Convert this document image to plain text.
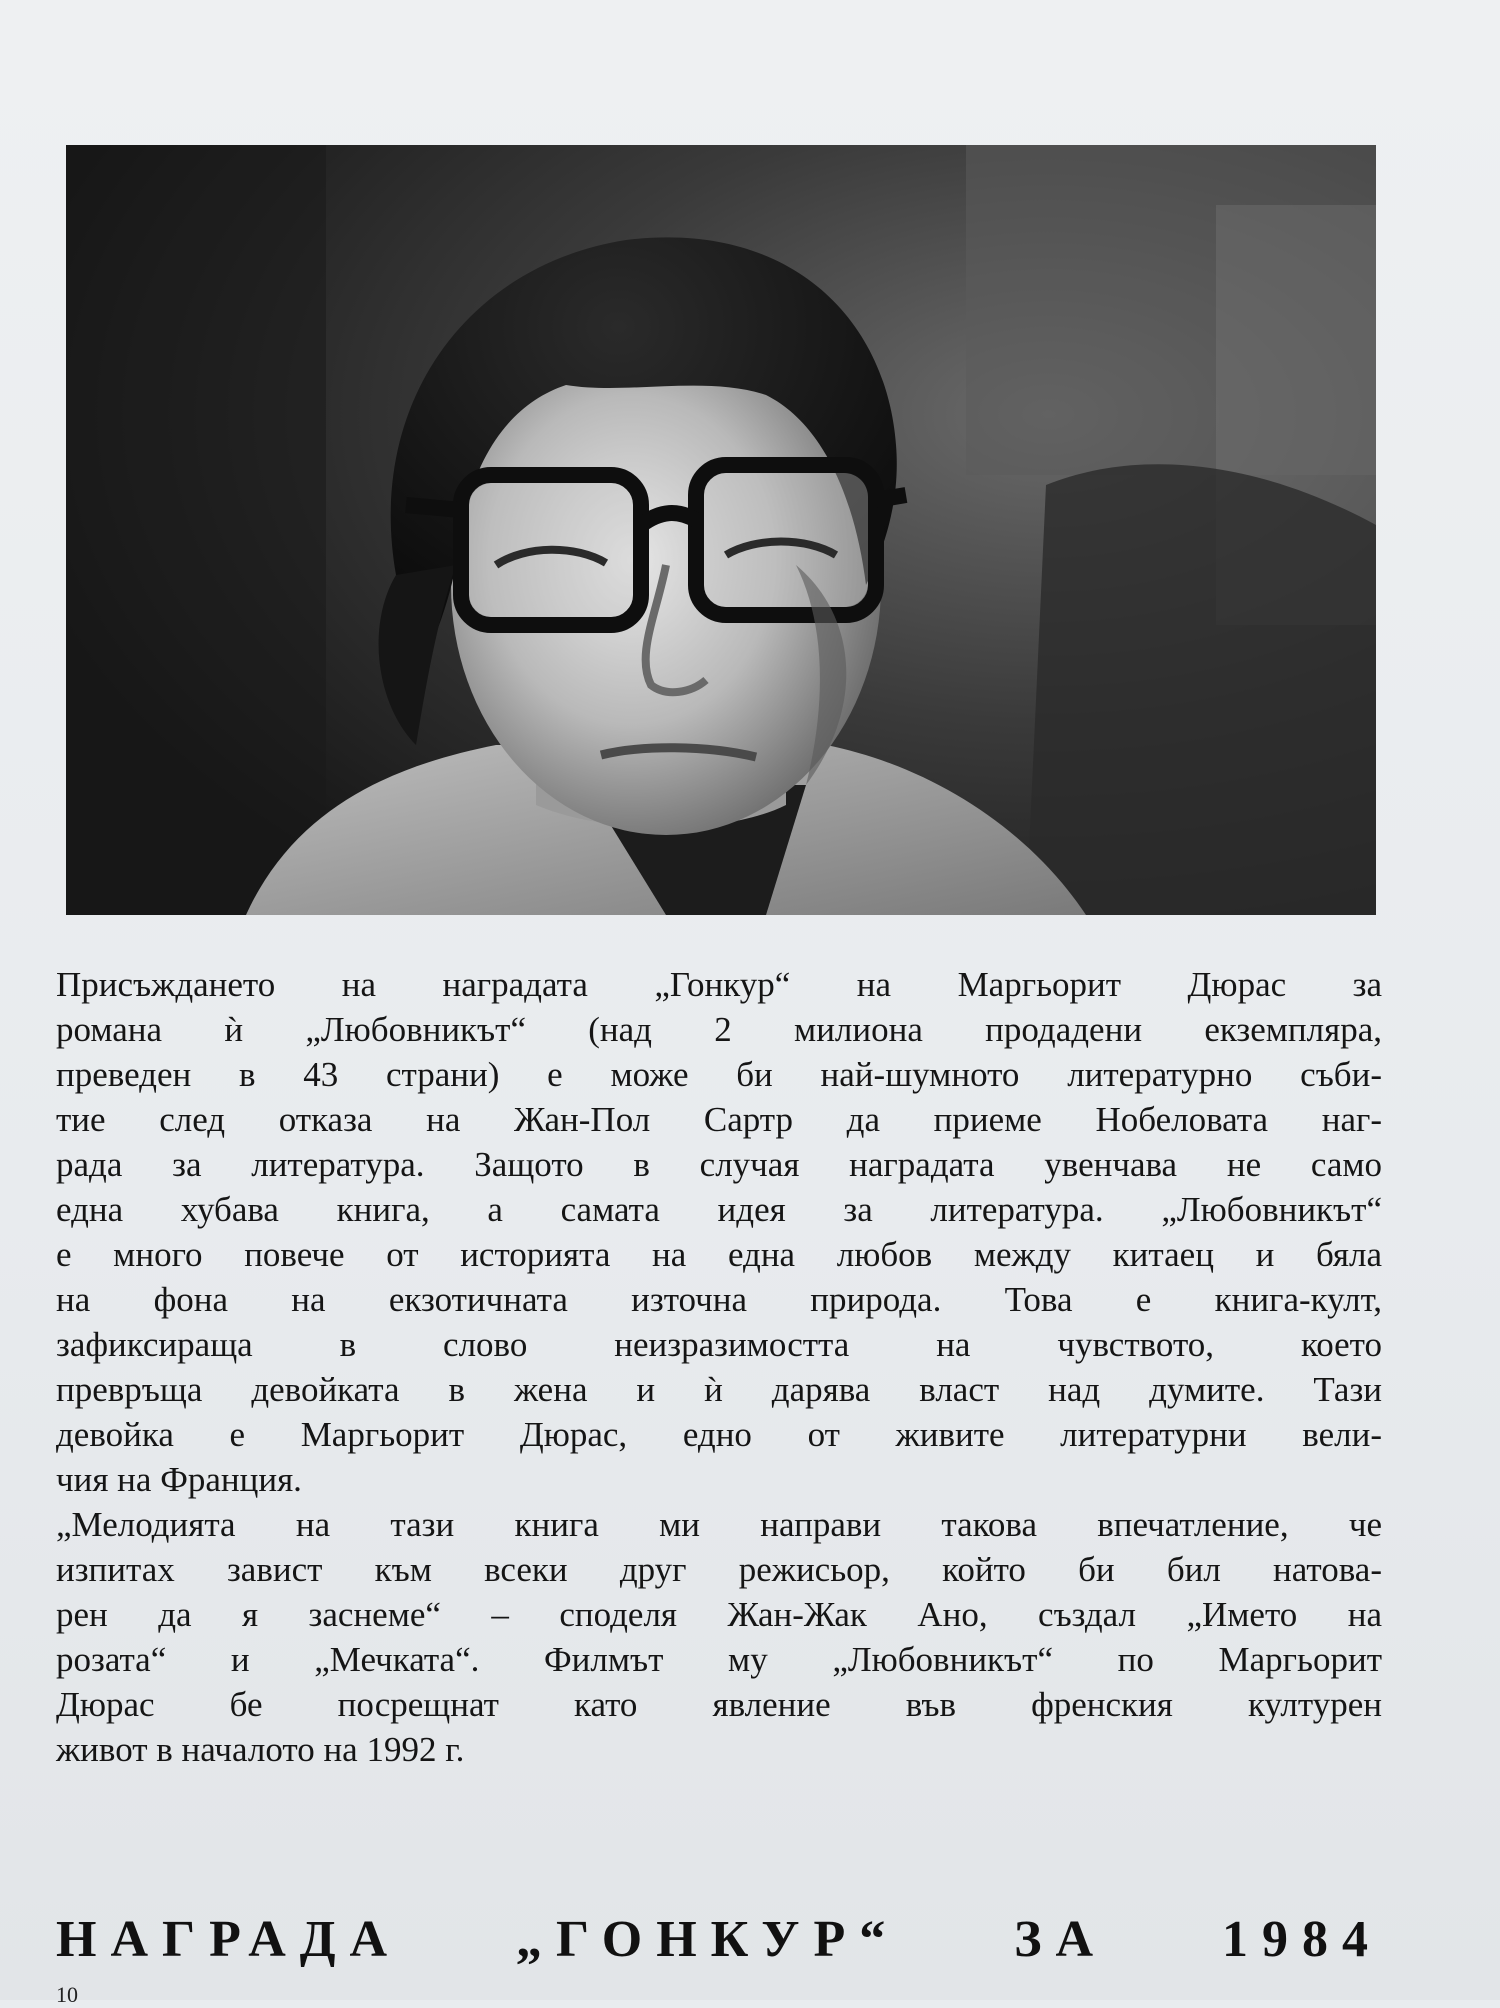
Присъждането на наградата „Гонкур“ на Маргьорит Дюрас за
романа ѝ „Любовникът“ (над 2 милиона продадени екземпляра,
преведен в 43 страни) е може би най-шумното литературно съби-
тие след отказа на Жан-Пол Сартр да приеме Нобеловата наг-
рада за литература. Защото в случая наградата увенчава не само
една хубава книга, а самата идея за литература. „Любовникът“
е много повече от историята на една любов между китаец и бяла
на фона на екзотичната източна природа. Това е книга-култ,
зафиксираща в слово неизразимостта на чувството, което
превръща девойката в жена и ѝ дарява власт над думите. Тази
девойка е Маргьорит Дюрас, едно от живите литературни вели-
чия на Франция.
„Мелодията на тази книга ми направи такова впечатление, че
изпитах завист към всеки друг режисьор, който би бил натова-
рен да я заснеме“ – споделя Жан-Жак Ано, създал „Името на
розата“ и „Мечката“. Филмът му „Любовникът“ по Маргьорит
Дюрас бе посрещнат като явление във френския културен
живот в началото на 1992 г.
НАГРАДА „ГОНКУР“ ЗА 1984
10
